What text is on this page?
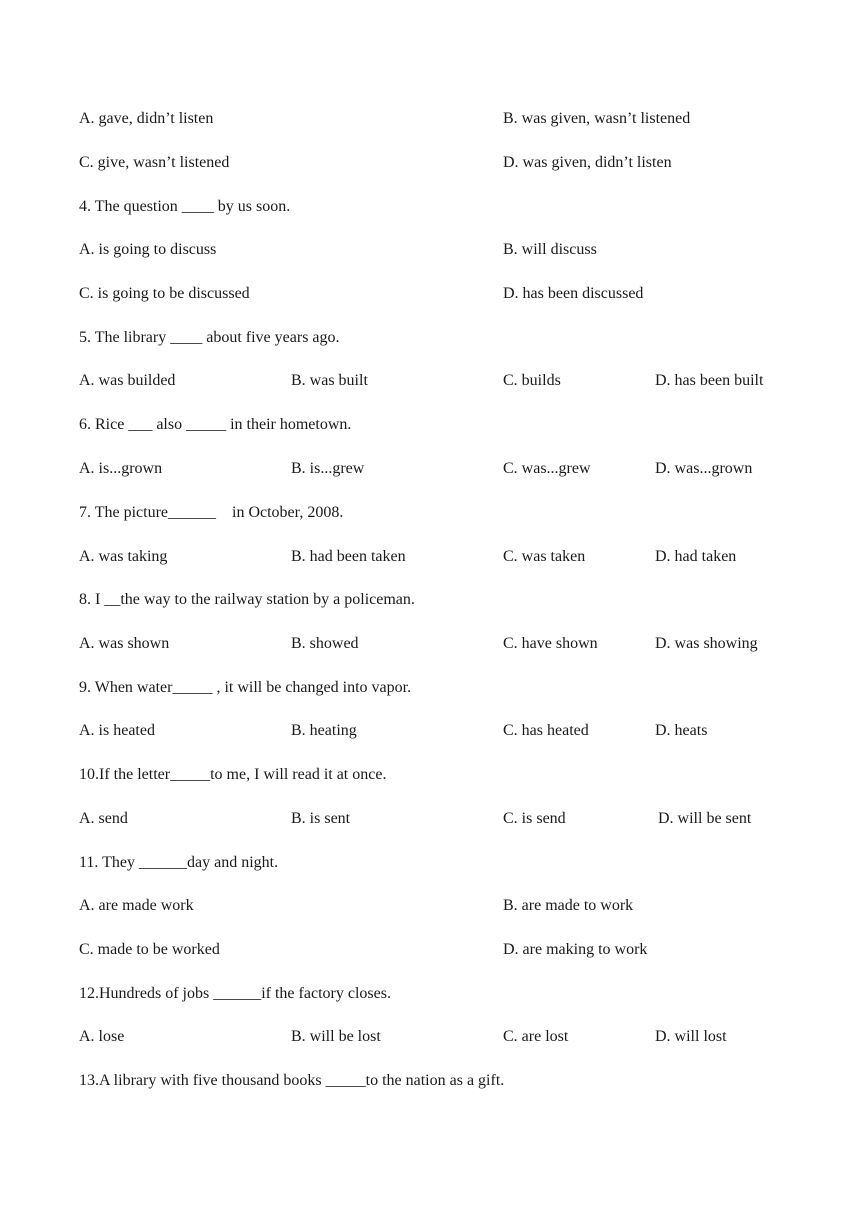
A. gave, didn’t listen	B. was given, wasn’t listened
C. give, wasn’t listened	D. was given, didn’t listen
4. The question ____ by us soon.
A. is going to discuss	B. will discuss
C. is going to be discussed	D. has been discussed
5. The library ____ about five years ago.
A. was builded	B. was built	C. builds	D. has been built
6. Rice ___ also _____ in their hometown.
A. is...grown	B. is...grew	C. was...grew	D. was...grown
7. The picture______    in October, 2008.
A. was taking	B. had been taken	C. was taken	D. had taken
8. I __the way to the railway station by a policeman.
A. was shown	B. showed	C. have shown	D. was showing
9. When water_____ , it will be changed into vapor.
A. is heated	B. heating	C. has heated	D. heats
10.If the letter_____to me, I will read it at once.
A. send	B. is sent	C. is send	D. will be sent
11. They ______day and night.
A. are made work	B. are made to work
C. made to be worked	D. are making to work
12.Hundreds of jobs ______if the factory closes.
A. lose	B. will be lost	C. are lost	D. will lost
13.A library with five thousand books _____to the nation as a gift.
